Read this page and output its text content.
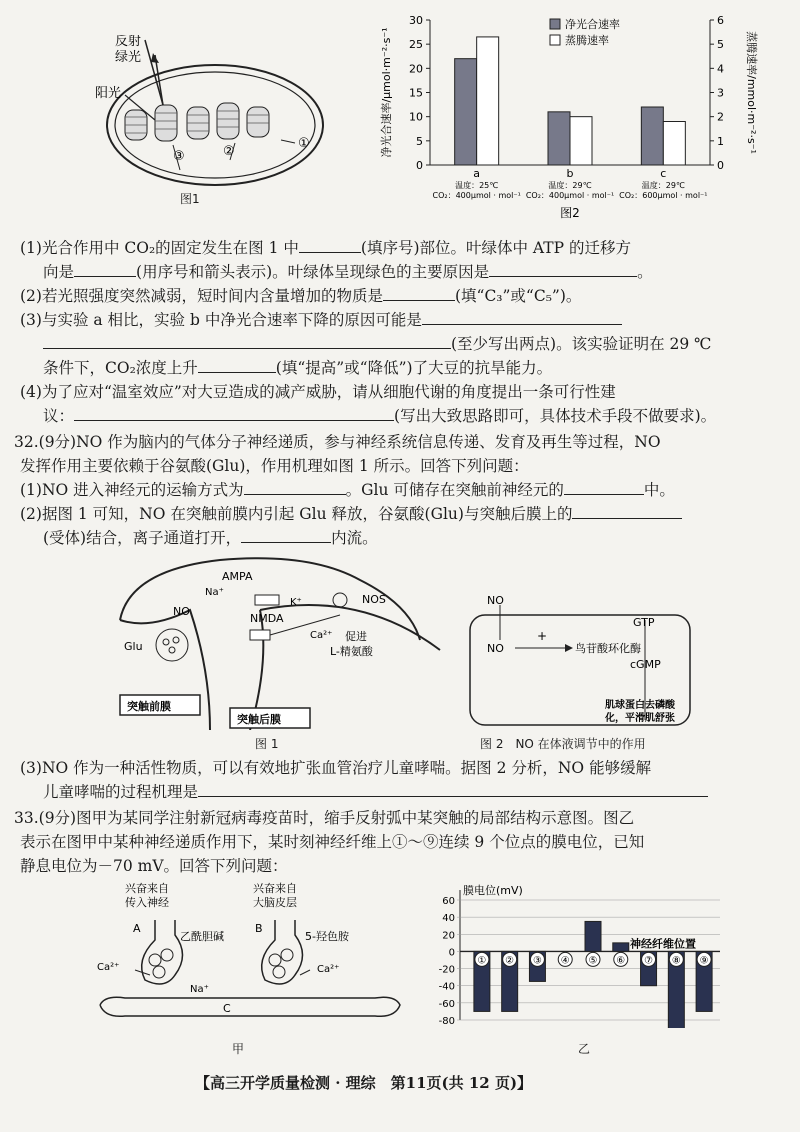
反射
绿光
阳光
③	②
①
图1
0
5
10
15
20
25
30
0
1
2
3
4
5
6
净光合速率/μmol·m⁻²·s⁻¹	蒸腾速率/mmol·m⁻²·s⁻¹
a
温度：25℃
CO₂：400μmol · mol⁻¹
b
温度：29℃
CO₂：400μmol · mol⁻¹
c
温度：29℃
CO₂：600μmol · mol⁻¹
净光合速率
蒸腾速率
图2
(1)光合作用中 CO₂的固定发生在图 1 中	(填序号)部位。叶绿体中 ATP 的迁移方
向是	(用序号和箭头表示)。叶绿体呈现绿色的主要原因是	。
(2)若光照强度突然减弱，短时间内含量增加的物质是	(填“C₃”或“C₅”)。
(3)与实验 a 相比，实验 b 中净光合速率下降的原因可能是
(至少写出两点)。该实验证明在 29 ℃
条件下，CO₂浓度上升	(填“提高”或“降低”)了大豆的抗旱能力。
(4)为了应对“温室效应”对大豆造成的减产威胁，请从细胞代谢的角度提出一条可行性建
议：	(写出大致思路即可，具体技术手段不做要求)。
32.(9分)NO 作为脑内的气体分子神经递质，参与神经系统信息传递、发育及再生等过程，NO
发挥作用主要依赖于谷氨酸(Glu)，作用机理如图 1 所示。回答下列问题：
(1)NO 进入神经元的运输方式为	。Glu 可储存在突触前神经元的	中。
(2)据图 1 可知，NO 在突触前膜内引起 Glu 释放，谷氨酸(Glu)与突触后膜上的
(受体)结合，离子通道打开，	内流。
AMPA
NMDA
NO
NOS
Glu
Na⁺
K⁺
Ca²⁺ 促进
L-精氨酸
突触前膜
突触后膜
图 1
NO
NO
+
鸟苷酸环化酶
GTP
cGMP
肌球蛋白去磷酸
化，平滑肌舒张
图 2　NO 在体液调节中的作用
(3)NO 作为一种活性物质，可以有效地扩张血管治疗儿童哮喘。据图 2 分析，NO 能够缓解
儿童哮喘的过程机理是
33.(9分)图甲为某同学注射新冠病毒疫苗时，缩手反射弧中某突触的局部结构示意图。图乙
表示在图甲中某种神经递质作用下，某时刻神经纤维上①～⑨连续 9 个位点的膜电位，已知
静息电位为－70 mV。回答下列问题：
兴奋来自
传入神经
兴奋来自
大脑皮层
A	B
C
乙酰胆碱	5-羟色胺
Ca²⁺	Ca²⁺
Na⁺
甲
膜电位(mV)
60
40
20
0
-20
-40
-60
-80
神经纤维位置
① ② ③ ④ ⑤ ⑥ ⑦ ⑧ ⑨
乙
【高三开学质量检测 · 理综　第11页(共 12 页)】
